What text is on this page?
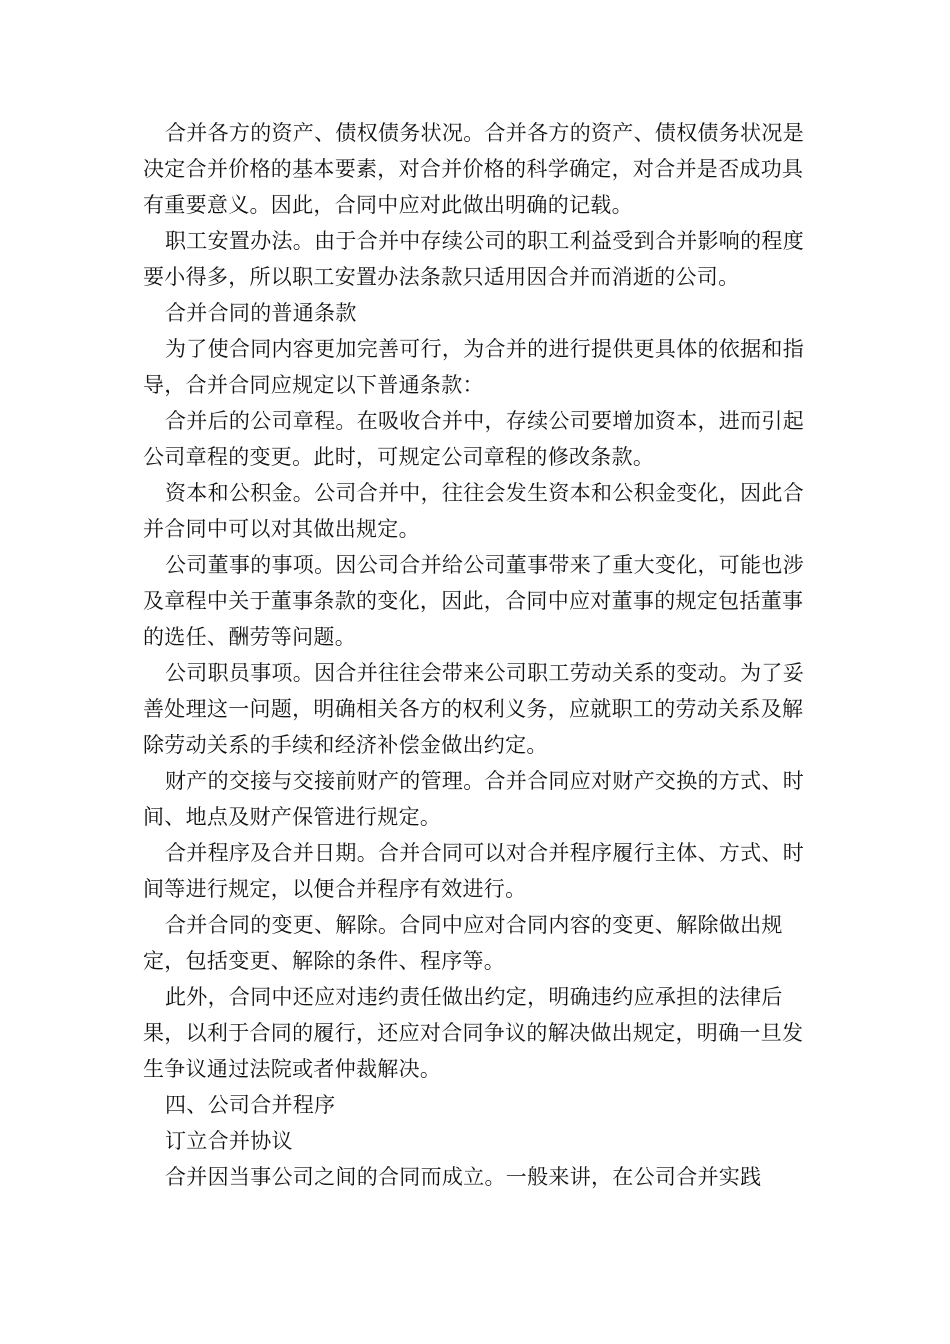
合并各方的资产、债权债务状况。合并各方的资产、债权债务状况是决定合并价格的基本要素，对合并价格的科学确定，对合并是否成功具有重要意义。因此，合同中应对此做出明确的记载。

职工安置办法。由于合并中存续公司的职工利益受到合并影响的程度要小得多，所以职工安置办法条款只适用因合并而消逝的公司。

合并合同的普通条款

为了使合同内容更加完善可行，为合并的进行提供更具体的依据和指导，合并合同应规定以下普通条款：

合并后的公司章程。在吸收合并中，存续公司要增加资本，进而引起公司章程的变更。此时，可规定公司章程的修改条款。

资本和公积金。公司合并中，往往会发生资本和公积金变化，因此合并合同中可以对其做出规定。

公司董事的事项。因公司合并给公司董事带来了重大变化，可能也涉及章程中关于董事条款的变化，因此，合同中应对董事的规定包括董事的选任、酬劳等问题。

公司职员事项。因合并往往会带来公司职工劳动关系的变动。为了妥善处理这一问题，明确相关各方的权利义务，应就职工的劳动关系及解除劳动关系的手续和经济补偿金做出约定。

财产的交接与交接前财产的管理。合并合同应对财产交换的方式、时间、地点及财产保管进行规定。

合并程序及合并日期。合并合同可以对合并程序履行主体、方式、时间等进行规定，以便合并程序有效进行。

合并合同的变更、解除。合同中应对合同内容的变更、解除做出规定，包括变更、解除的条件、程序等。

此外，合同中还应对违约责任做出约定，明确违约应承担的法律后果，以利于合同的履行，还应对合同争议的解决做出规定，明确一旦发生争议通过法院或者仲裁解决。

四、公司合并程序

订立合并协议

合并因当事公司之间的合同而成立。一般来讲，在公司合并实践
